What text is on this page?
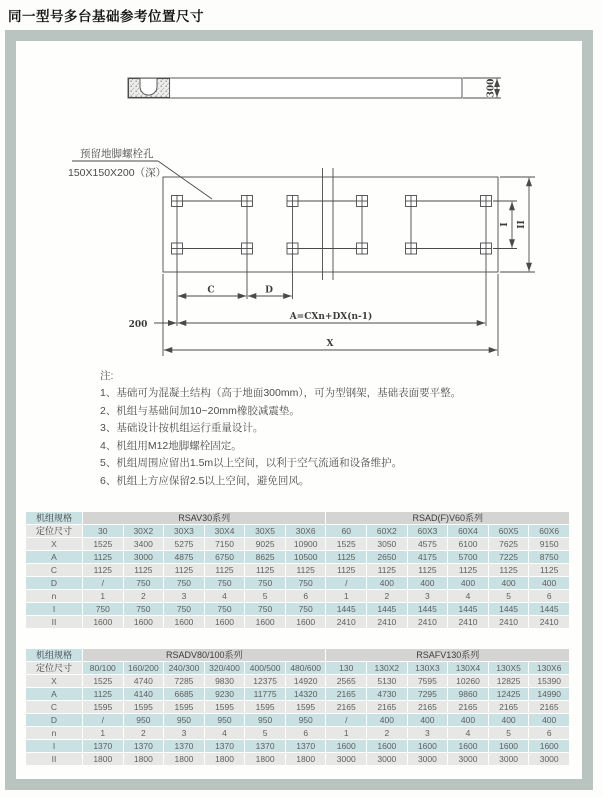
同一型号多台基础参考位置尺寸
预留地脚螺栓孔
150X150X200（深）
300
C	D
200
A=CXn+DX(n-1)
X
I II
注:
1、基础可为混凝土结构（高于地面300mm），可为型钢架，基础表面要平整。
2、机组与基础间加10~20mm橡胶减震垫。
3、基础设计按机组运行重量设计。
4、机组用M12地脚螺栓固定。
5、机组周围应留出1.5m以上空间，以利于空气流通和设备维护。
6、机组上方应保留2.5以上空间，避免回风。
机组规格	RSAV30系列						RSAD(F)V60系列					
定位尺寸	30	30X2	30X3	30X4	30X5	30X6	60	60X2	60X3	60X4	60X5	60X6
X	1525	3400	5275	7150	9025	10900	1525	3050	4575	6100	7625	9150
A	1125	3000	4875	6750	8625	10500	1125	2650	4175	5700	7225	8750
C	1125	1125	1125	1125	1125	1125	1125	1125	1125	1125	1125	1125
D	/	750	750	750	750	750	/	400	400	400	400	400
n	1	2	3	4	5	6	1	2	3	4	5	6
I	750	750	750	750	750	750	1445	1445	1445	1445	1445	1445
II	1600	1600	1600	1600	1600	1600	2410	2410	2410	2410	2410	2410
机组规格	RSADV80/100系列						RSAFV130系列					
定位尺寸	80/100	160/200	240/300	320/400	400/500	480/600	130	130X2	130X3	130X4	130X5	130X6
X	1525	4740	7285	9830	12375	14920	2565	5130	7595	10260	12825	15390
A	1125	4140	6685	9230	11775	14320	2165	4730	7295	9860	12425	14990
C	1595	1595	1595	1595	1595	1595	2165	2165	2165	2165	2165	2165
D	/	950	950	950	950	950	/	400	400	400	400	400
n	1	2	3	4	5	6	1	2	3	4	5	6
I	1370	1370	1370	1370	1370	1370	1600	1600	1600	1600	1600	1600
II	1800	1800	1800	1800	1800	1800	3000	3000	3000	3000	3000	3000
